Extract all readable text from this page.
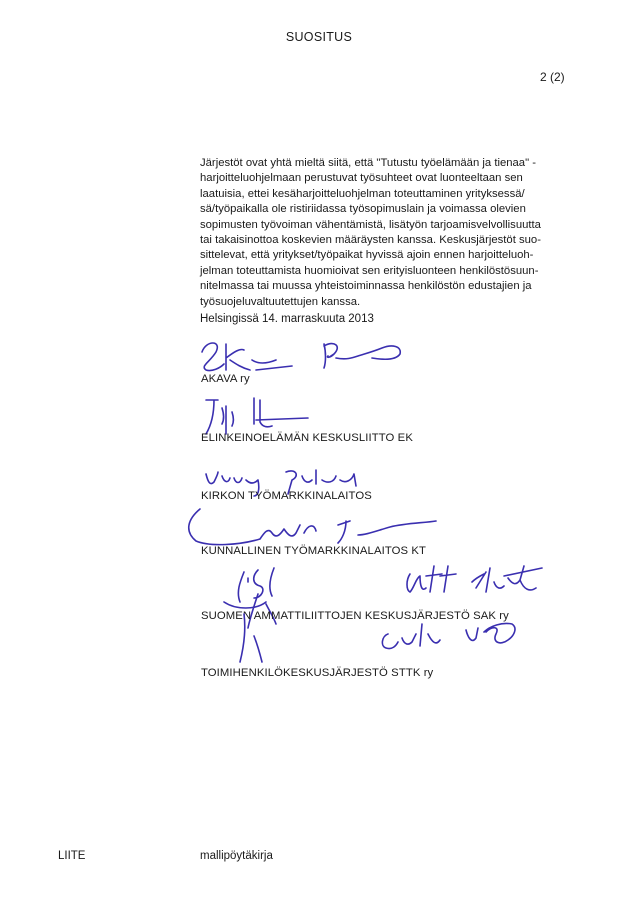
SUOSITUS
2 (2)
Järjestöt ovat yhtä mieltä siitä, että "Tutustu työelämään ja tienaa" -
harjoitteluohjelmaan perustuvat työsuhteet ovat luonteeltaan sen
laatuisia, ettei kesäharjoitteluohjelman toteuttaminen yrityksessä/
sä/työpaikalla ole ristiriidassa työsopimuslain ja voimassa olevien
sopimusten työvoiman vähentämistä, lisätyön tarjoamisvelvollisuutta
tai takaisinottoa koskevien määräysten kanssa. Keskusjärjestöt suo-
sittelevat, että yritykset/työpaikat hyvissä ajoin ennen harjoitteluoh-
jelman toteuttamista huomioivat sen erityisluonteen henkilöstösuun-
nitelmassa tai muussa yhteistoiminnassa henkilöstön edustajien ja
työsuojeluvaltuutettujen kanssa.
Helsingissä 14. marraskuuta 2013
AKAVA ry
ELINKEINOELÄMÄN KESKUSLIITTO EK
KIRKON TYÖMARKKINALAITOS
KUNNALLINEN TYÖMARKKINALAITOS KT
SUOMEN AMMATTILIITTOJEN KESKUSJÄRJESTÖ SAK ry
TOIMIHENKILÖKESKUSJÄRJESTÖ STTK ry
LIITE	mallipöytäkirja
